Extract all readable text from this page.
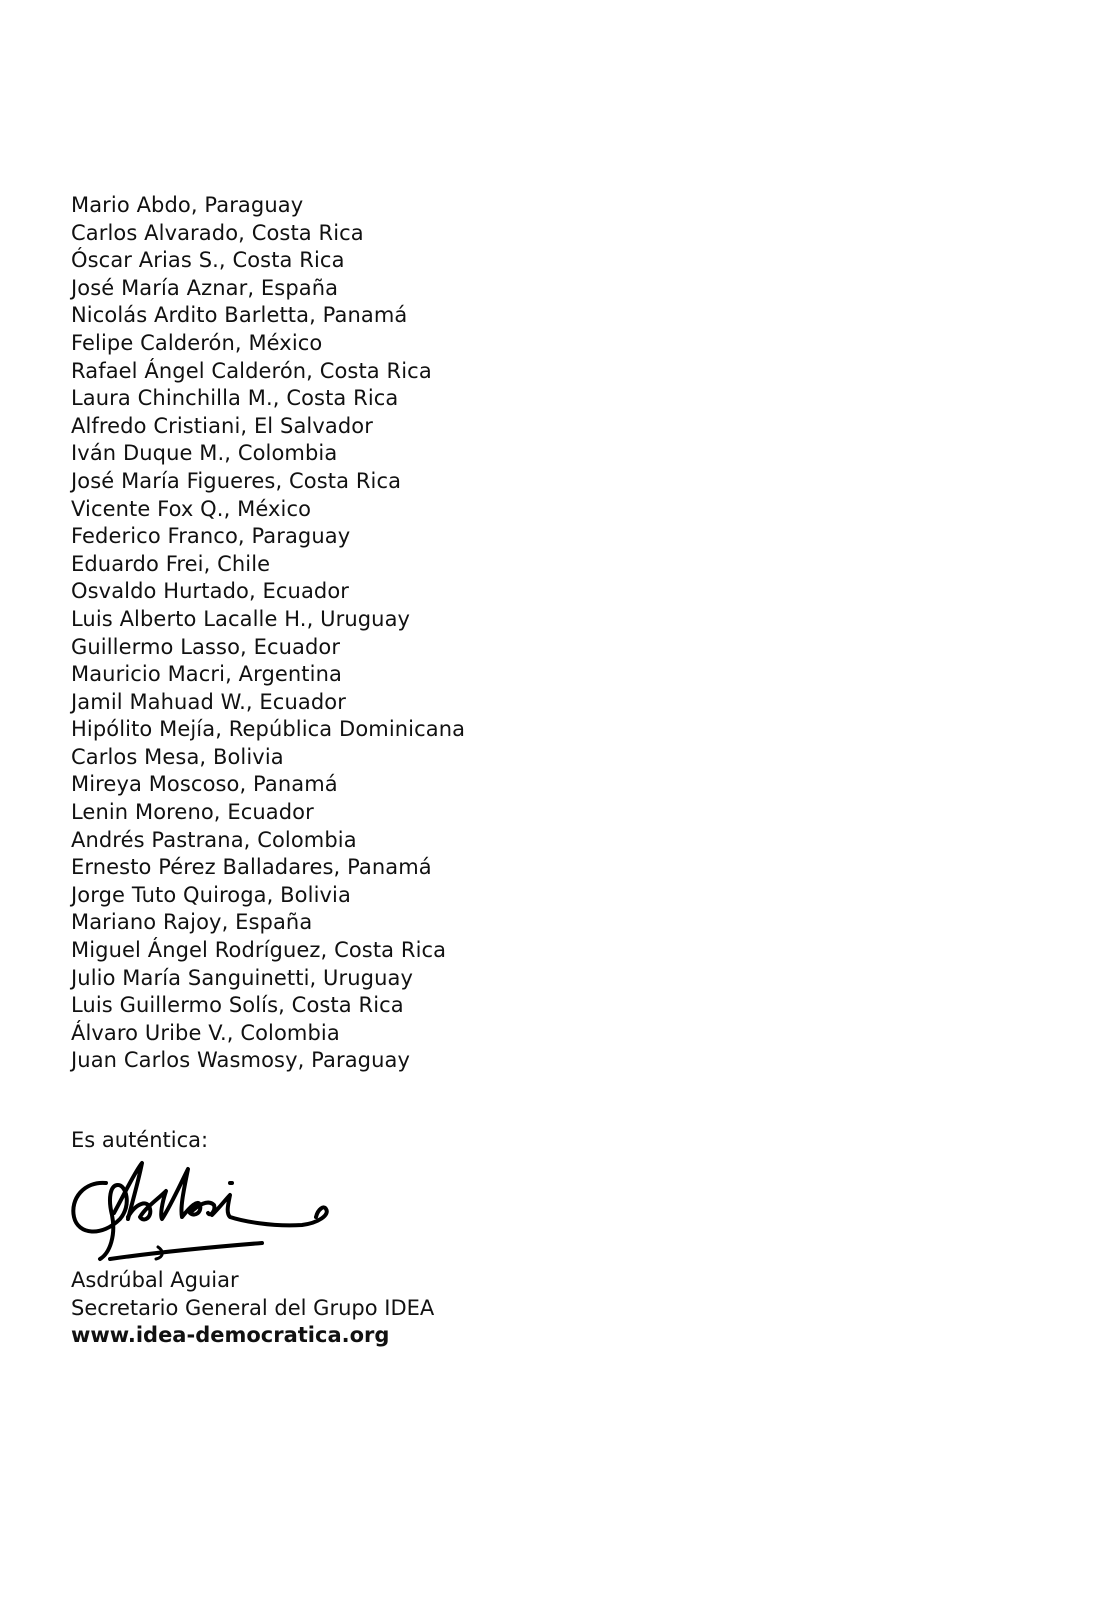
Mario Abdo, Paraguay
Carlos Alvarado, Costa Rica
Óscar Arias S., Costa Rica
José María Aznar, España
Nicolás Ardito Barletta, Panamá
Felipe Calderón, México
Rafael Ángel Calderón, Costa Rica
Laura Chinchilla M., Costa Rica
Alfredo Cristiani, El Salvador
Iván Duque M., Colombia
José María Figueres, Costa Rica
Vicente Fox Q., México
Federico Franco, Paraguay
Eduardo Frei, Chile
Osvaldo Hurtado, Ecuador
Luis Alberto Lacalle H., Uruguay
Guillermo Lasso, Ecuador
Mauricio Macri, Argentina
Jamil Mahuad W., Ecuador
Hipólito Mejía, República Dominicana
Carlos Mesa, Bolivia
Mireya Moscoso, Panamá
Lenin Moreno, Ecuador
Andrés Pastrana, Colombia
Ernesto Pérez Balladares, Panamá
Jorge Tuto Quiroga, Bolivia
Mariano Rajoy, España
Miguel Ángel Rodríguez, Costa Rica
Julio María Sanguinetti, Uruguay
Luis Guillermo Solís, Costa Rica
Álvaro Uribe V., Colombia
Juan Carlos Wasmosy, Paraguay
Es auténtica:
Asdrúbal Aguiar
Secretario General del Grupo IDEA
www.idea-democratica.org
